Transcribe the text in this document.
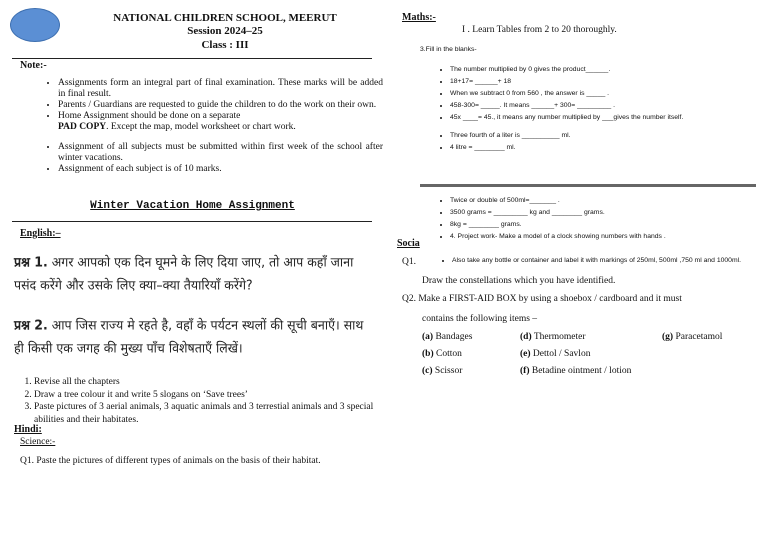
NATIONAL CHILDREN SCHOOL, MEERUT
Session 2024–25
Class : III
Note:-
• Assignments form an integral part of final examination. These marks will be added in final result.
• Parents / Guardians are requested to guide the children to do the work on their own.
• Home Assignment should be done on a separate
PAD COPY. Except the map, model worksheet or chart work.
• Assignment of all subjects must be submitted within first week of the school after winter vacations.
• Assignment of each subject is of 10 marks.
Winter Vacation Home Assignment
English:–
प्रश्न 1. अगर आपको एक दिन घूमने के लिए दिया जाए, तो आप कहाँ जाना पसंद करेंगे और उसके लिए क्या–क्या तैयारियाँ करेंगे?
प्रश्न 2. आप जिस राज्य मे रहते है, वहाँ के पर्यटन स्थलों की सूची बनाएँ। साथ ही किसी एक जगह की मुख्य पाँच विशेषताएँ लिखें।
1. Revise all the chapters
2. Draw a tree colour it and write 5 slogans on ‘Save trees’
3. Paste pictures of 3 aerial animals, 3 aquatic animals and 3 terrestial animals and 3 special abilities and their habitates.
Hindi:
Science:-
Q1. Paste the pictures of different types of animals on the basis of their habitat.
Maths:-
I . Learn Tables from 2 to 20 thoroughly.
3.Fill in the blanks-
• The number multiplied by 0 gives the product______.
• 18+17= ______+ 18
• When we subtract 0 from 560 , the answer is _____ .
• 458-300= _____. It means ______+ 300= _________ .
• 45x ____= 45., it means any number multiplied by ___gives the number itself.
• Three fourth of a liter is __________ ml.
• 4 litre = ________ ml.
• Twice or double of 500ml=_______ .
• 3500 grams = _________ kg and ________ grams.
• 8kg = ________ grams.
• 4. Project work- Make a model of a clock showing numbers with hands .
Socia
Q1.	• Also take any bottle or container and label it with markings of 250ml, 500ml ,750 ml and 1000ml.
Draw the constellations which you have identified.
Q2. Make a FIRST-AID BOX by using a shoebox / cardboard and it must
contains the following items –
(a) Bandages	(d) Thermometer	(g) Paracetamol
(b) Cotton	(e) Dettol / Savlon	
(c) Scissor	(f) Betadine ointment / lotion	
